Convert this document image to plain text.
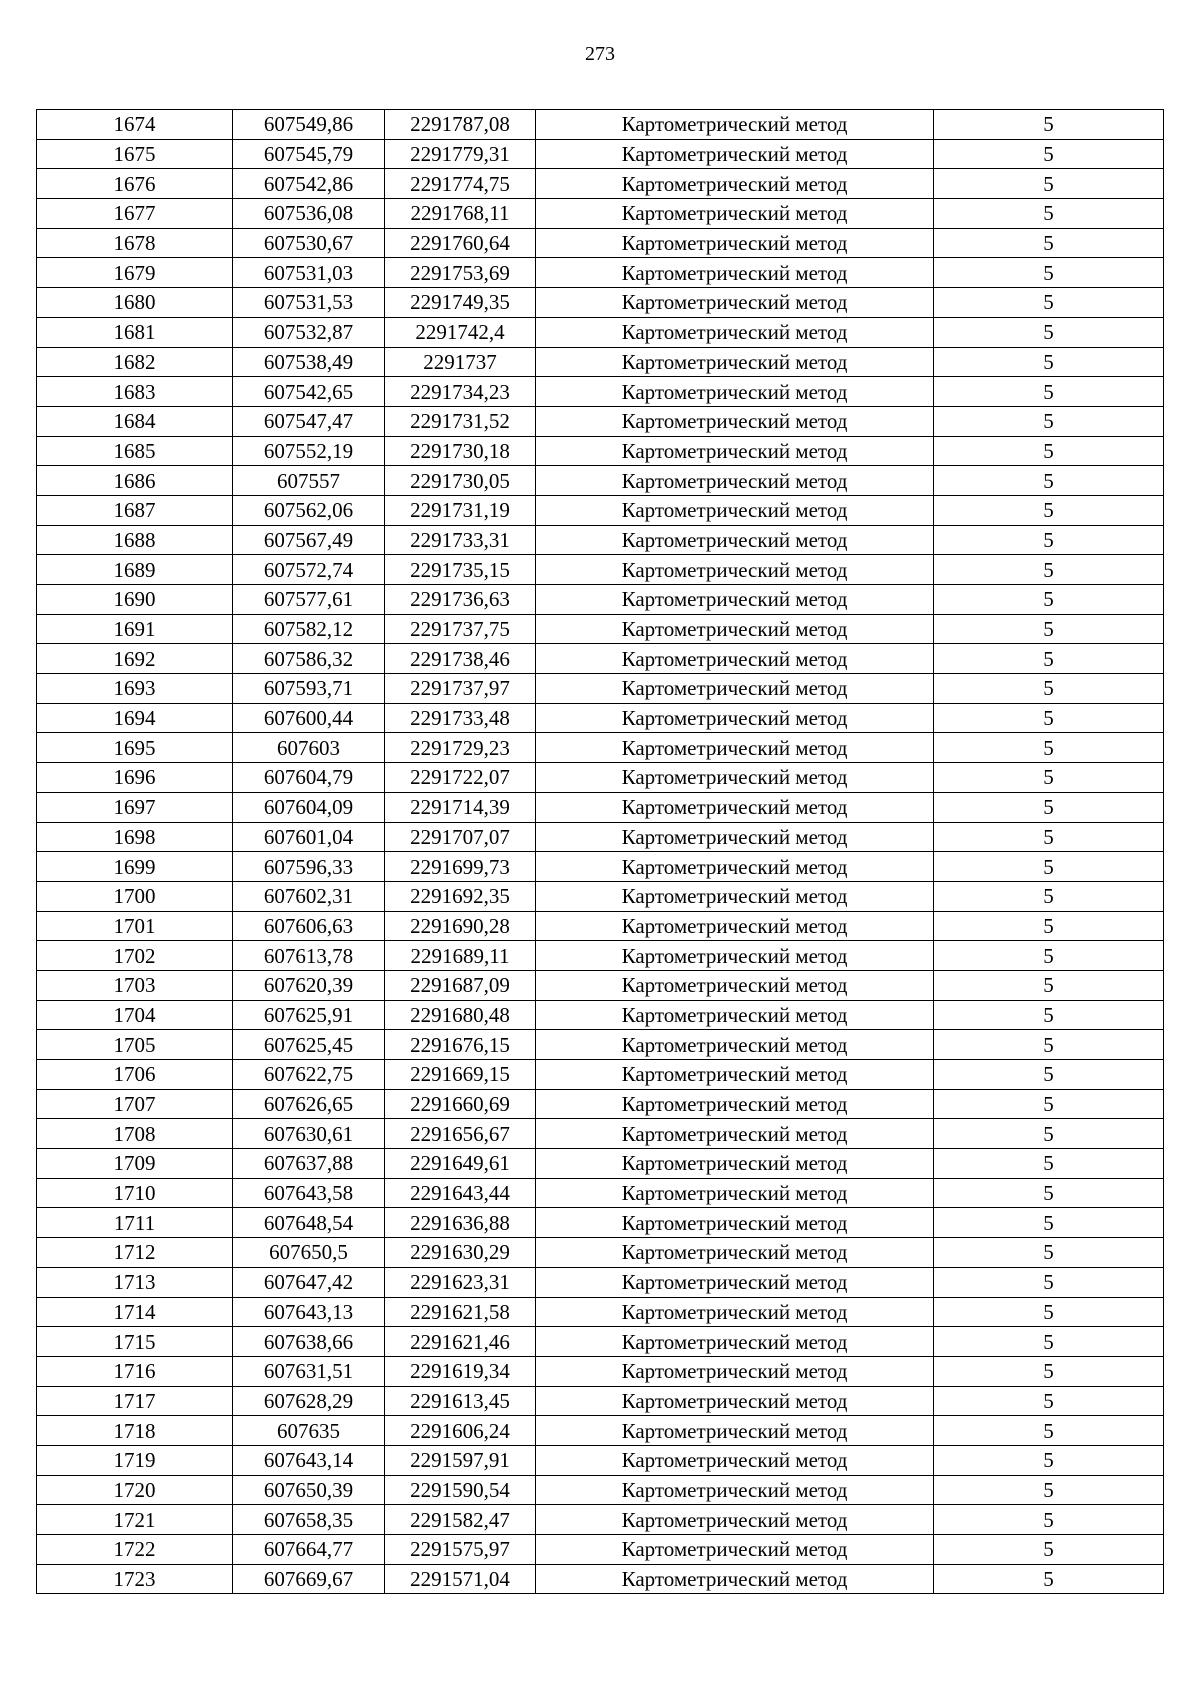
273
1674	607549,86	2291787,08	Картометрический метод	5
1675	607545,79	2291779,31	Картометрический метод	5
1676	607542,86	2291774,75	Картометрический метод	5
1677	607536,08	2291768,11	Картометрический метод	5
1678	607530,67	2291760,64	Картометрический метод	5
1679	607531,03	2291753,69	Картометрический метод	5
1680	607531,53	2291749,35	Картометрический метод	5
1681	607532,87	2291742,4	Картометрический метод	5
1682	607538,49	2291737	Картометрический метод	5
1683	607542,65	2291734,23	Картометрический метод	5
1684	607547,47	2291731,52	Картометрический метод	5
1685	607552,19	2291730,18	Картометрический метод	5
1686	607557	2291730,05	Картометрический метод	5
1687	607562,06	2291731,19	Картометрический метод	5
1688	607567,49	2291733,31	Картометрический метод	5
1689	607572,74	2291735,15	Картометрический метод	5
1690	607577,61	2291736,63	Картометрический метод	5
1691	607582,12	2291737,75	Картометрический метод	5
1692	607586,32	2291738,46	Картометрический метод	5
1693	607593,71	2291737,97	Картометрический метод	5
1694	607600,44	2291733,48	Картометрический метод	5
1695	607603	2291729,23	Картометрический метод	5
1696	607604,79	2291722,07	Картометрический метод	5
1697	607604,09	2291714,39	Картометрический метод	5
1698	607601,04	2291707,07	Картометрический метод	5
1699	607596,33	2291699,73	Картометрический метод	5
1700	607602,31	2291692,35	Картометрический метод	5
1701	607606,63	2291690,28	Картометрический метод	5
1702	607613,78	2291689,11	Картометрический метод	5
1703	607620,39	2291687,09	Картометрический метод	5
1704	607625,91	2291680,48	Картометрический метод	5
1705	607625,45	2291676,15	Картометрический метод	5
1706	607622,75	2291669,15	Картометрический метод	5
1707	607626,65	2291660,69	Картометрический метод	5
1708	607630,61	2291656,67	Картометрический метод	5
1709	607637,88	2291649,61	Картометрический метод	5
1710	607643,58	2291643,44	Картометрический метод	5
1711	607648,54	2291636,88	Картометрический метод	5
1712	607650,5	2291630,29	Картометрический метод	5
1713	607647,42	2291623,31	Картометрический метод	5
1714	607643,13	2291621,58	Картометрический метод	5
1715	607638,66	2291621,46	Картометрический метод	5
1716	607631,51	2291619,34	Картометрический метод	5
1717	607628,29	2291613,45	Картометрический метод	5
1718	607635	2291606,24	Картометрический метод	5
1719	607643,14	2291597,91	Картометрический метод	5
1720	607650,39	2291590,54	Картометрический метод	5
1721	607658,35	2291582,47	Картометрический метод	5
1722	607664,77	2291575,97	Картометрический метод	5
1723	607669,67	2291571,04	Картометрический метод	5
